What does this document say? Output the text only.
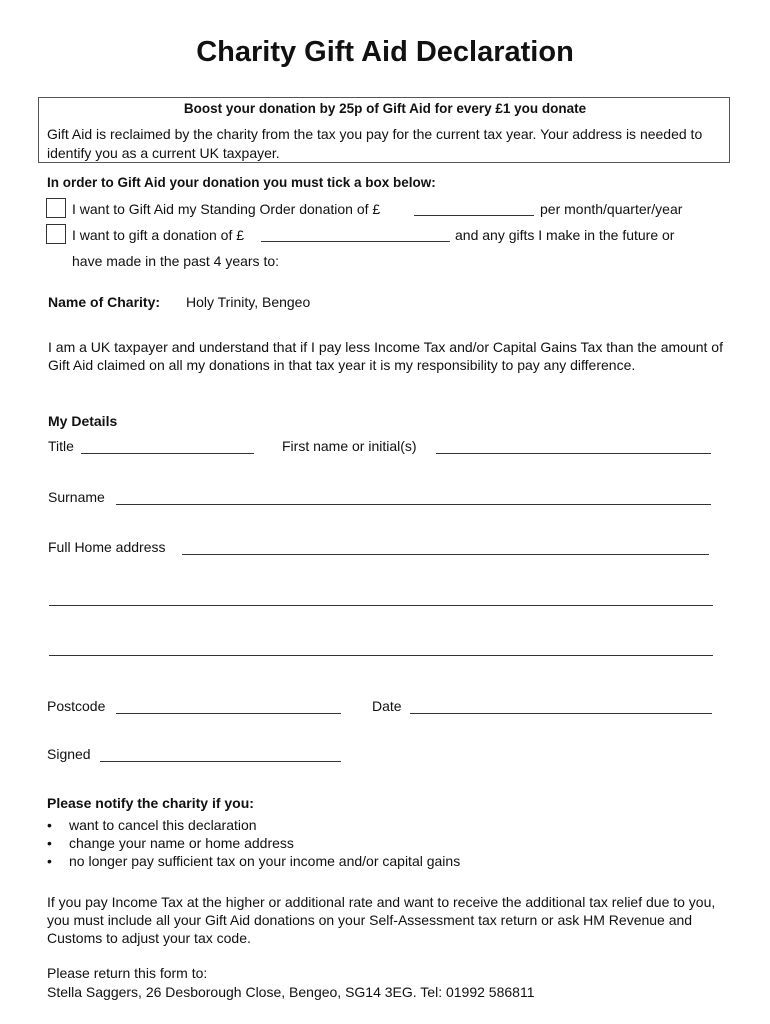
Charity Gift Aid Declaration
Boost your donation by 25p of Gift Aid for every £1 you donate
Gift Aid is reclaimed by the charity from the tax you pay for the current tax year. Your address is needed to identify you as a current UK taxpayer.
In order to Gift Aid your donation you must tick a box below:
I want to Gift Aid my Standing Order donation of £	per month/quarter/year
I want to gift a donation of £	and any gifts I make in the future or
have made in the past 4 years to:
Name of Charity: Holy Trinity, Bengeo
I am a UK taxpayer and understand that if I pay less Income Tax and/or Capital Gains Tax than the amount of Gift Aid claimed on all my donations in that tax year it is my responsibility to pay any difference.
My Details
Title	First name or initial(s)
Surname
Full Home address
Postcode	Date
Signed
Please notify the charity if you:
• want to cancel this declaration
• change your name or home address
• no longer pay sufficient tax on your income and/or capital gains
If you pay Income Tax at the higher or additional rate and want to receive the additional tax relief due to you, you must include all your Gift Aid donations on your Self-Assessment tax return or ask HM Revenue and Customs to adjust your tax code.
Please return this form to:
Stella Saggers, 26 Desborough Close, Bengeo, SG14 3EG. Tel: 01992 586811
